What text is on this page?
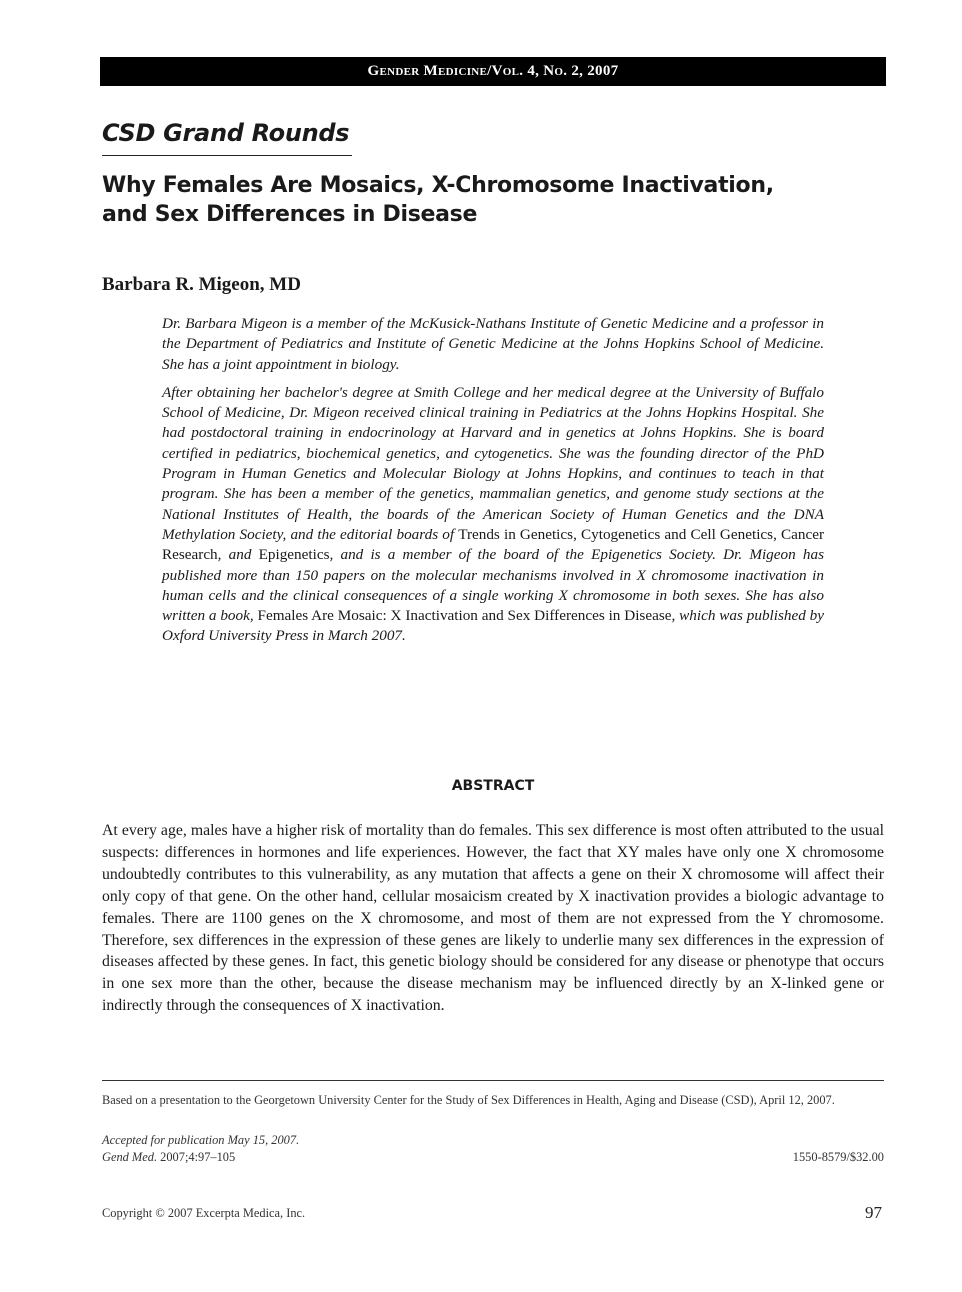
Gender Medicine/Vol. 4, No. 2, 2007
CSD Grand Rounds
Why Females Are Mosaics, X-Chromosome Inactivation,
and Sex Differences in Disease
Barbara R. Migeon, MD

Dr. Barbara Migeon is a member of the McKusick-Nathans Institute of Genetic Medicine and a professor in the Department of Pediatrics and Institute of Genetic Medicine at the Johns Hopkins School of Medicine. She has a joint appointment in biology.

After obtaining her bachelor's degree at Smith College and her medical degree at the University of Buffalo School of Medicine, Dr. Migeon received clinical training in Pediatrics at the Johns Hopkins Hospital. She had postdoctoral training in endocrinology at Harvard and in genetics at Johns Hopkins. She is board certified in pediatrics, biochemical genetics, and cytogenetics. She was the founding director of the PhD Program in Human Genetics and Molecular Biology at Johns Hopkins, and continues to teach in that program. She has been a member of the genetics, mammalian genetics, and genome study sections at the National Institutes of Health, the boards of the American Society of Human Genetics and the DNA Methylation Society, and the editorial boards of Trends in Genetics, Cytogenetics and Cell Genetics, Cancer Research, and Epigenetics, and is a member of the board of the Epigenetics Society. Dr. Migeon has published more than 150 papers on the molecular mechanisms involved in X chromosome inactivation in human cells and the clinical consequences of a single working X chromosome in both sexes. She has also written a book, Females Are Mosaic: X Inactivation and Sex Differences in Disease, which was published by Oxford University Press in March 2007.

ABSTRACT

At every age, males have a higher risk of mortality than do females. This sex difference is most often attributed to the usual suspects: differences in hormones and life experiences. However, the fact that XY males have only one X chromosome undoubtedly contributes to this vulnerability, as any mutation that affects a gene on their X chromosome will affect their only copy of that gene. On the other hand, cellular mosaicism created by X inactivation provides a biologic advantage to females. There are 1100 genes on the X chromosome, and most of them are not expressed from the Y chromosome. Therefore, sex differences in the expression of these genes are likely to underlie many sex differences in the expression of diseases affected by these genes. In fact, this genetic biology should be considered for any disease or phenotype that occurs in one sex more than the other, because the disease mechanism may be influenced directly by an X-linked gene or indirectly through the consequences of X inactivation.

Based on a presentation to the Georgetown University Center for the Study of Sex Differences in Health, Aging and Disease (CSD), April 12, 2007.

Accepted for publication May 15, 2007.

Gend Med. 2007;4:97–105	1550-8579/$32.00

Copyright © 2007 Excerpta Medica, Inc.	97
